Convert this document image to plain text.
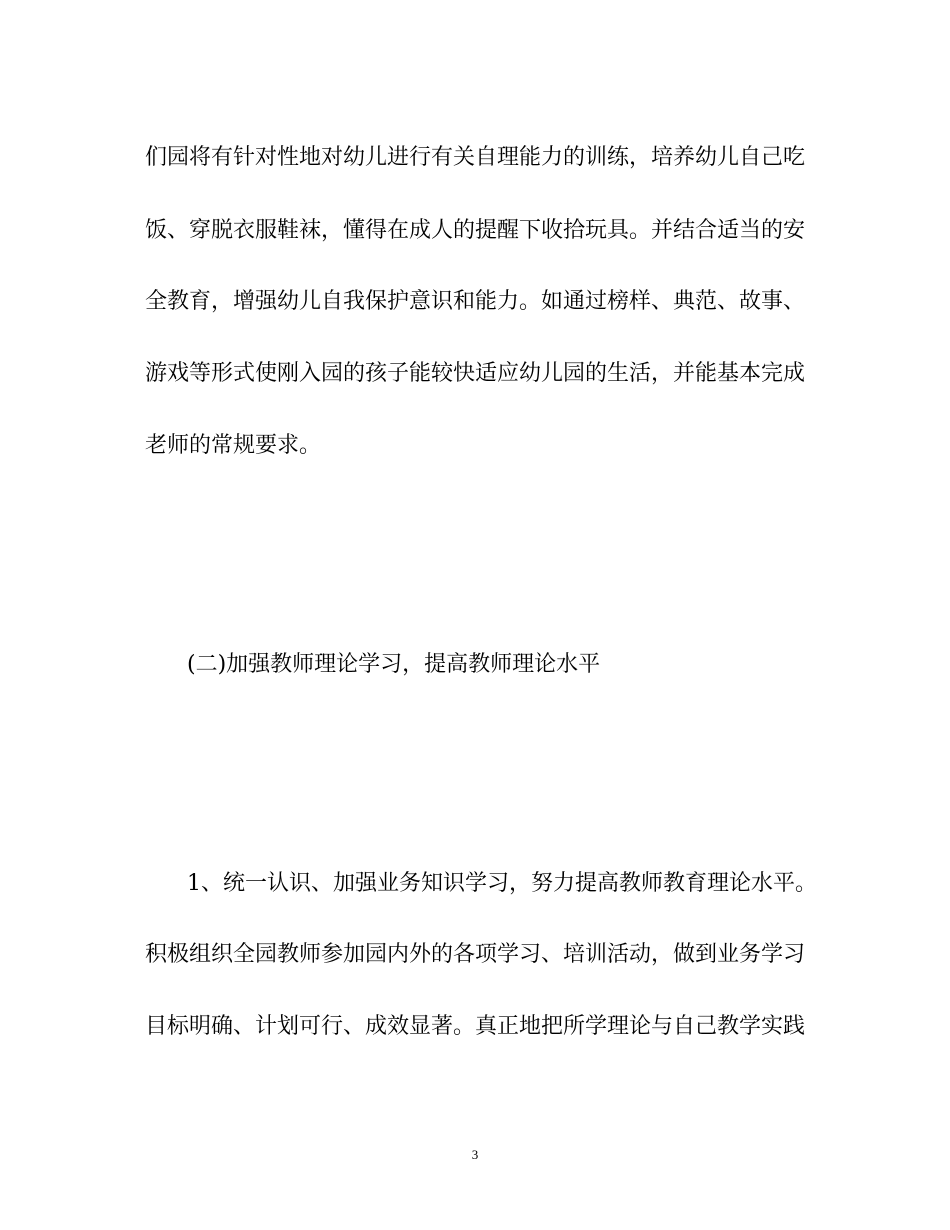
们园将有针对性地对幼儿进行有关自理能力的训练，培养幼儿自己吃
饭、穿脱衣服鞋袜，懂得在成人的提醒下收拾玩具。并结合适当的安
全教育，增强幼儿自我保护意识和能力。如通过榜样、典范、故事、
游戏等形式使刚入园的孩子能较快适应幼儿园的生活，并能基本完成
老师的常规要求。
(二)加强教师理论学习，提高教师理论水平
1、统一认识、加强业务知识学习，努力提高教师教育理论水平。
积极组织全园教师参加园内外的各项学习、培训活动，做到业务学习
目标明确、计划可行、成效显著。真正地把所学理论与自己教学实践
3
